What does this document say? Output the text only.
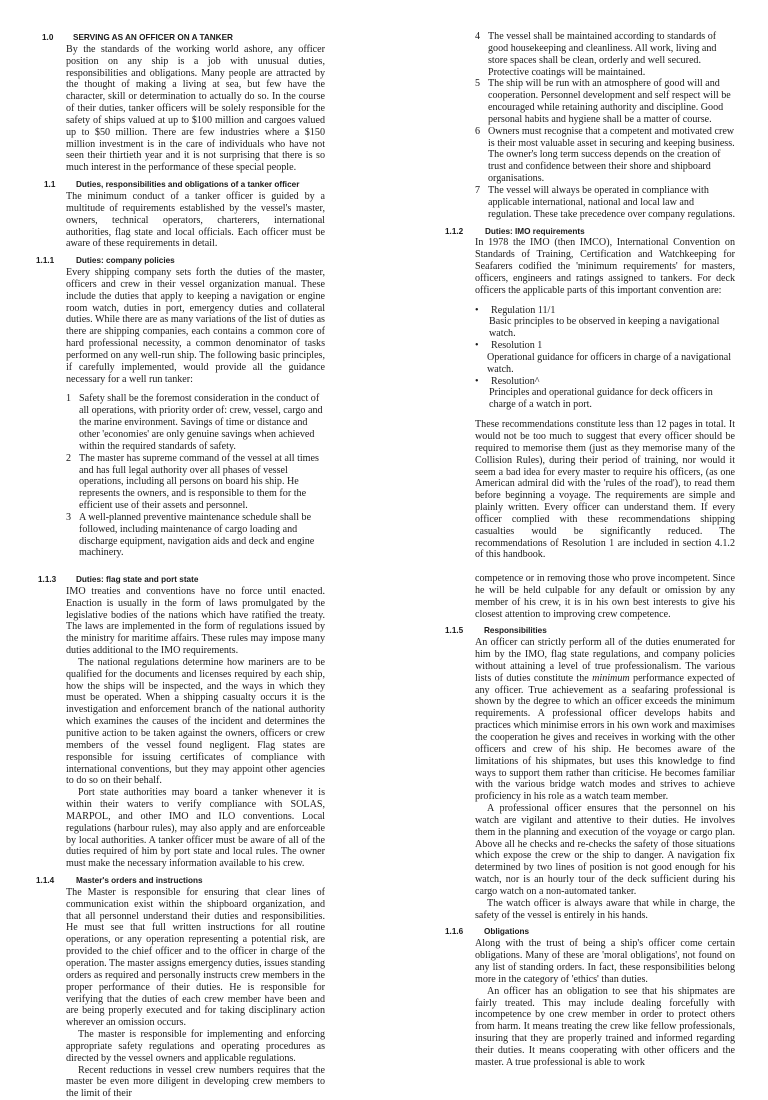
1.0	SERVING AS AN OFFICER ON A TANKER
By the standards of the working world ashore, any officer position on any ship is a job with unusual duties, responsibilities and obligations. Many people are attracted by the thought of making a living at sea, but few have the character, skill or determination to actually do so. In the course of their duties, tanker officers will be solely responsible for the safety of ships valued at up to $100 million and cargoes valued up to $50 million. There are few industries where a $150 million investment is in the care of individuals who have not seen their thirtieth year and it is not surprising that there is so much interest in the performance of these special people.
1.1	Duties, responsibilities and obligations of a tanker officer
The minimum conduct of a tanker officer is guided by a multitude of requirements established by the vessel's master, owners, technical operators, charterers, international authorities, flag state and local officials. Each officer must be aware of these requirements in detail.
1.1.1	Duties: company policies
Every shipping company sets forth the duties of the master, officers and crew in their vessel organization manual. These include the duties that apply to keeping a navigation or engine room watch, duties in port, emergency duties and collateral duties. While there are as many variations of the list of duties as there are shipping companies, each contains a common core of hard professional necessity, a common denominator of tasks performed on any well-run ship. The following basic principles, if carefully implemented, would provide all the guidance necessary for a well run tanker:
1 Safety shall be the foremost consideration in the conduct of all operations, with priority order of: crew, vessel, cargo and the marine environment. Savings of time or distance and other 'economies' are only genuine savings when achieved within the required standards of safety.
2 The master has supreme command of the vessel at all times and has full legal authority over all phases of vessel operations, including all persons on board his ship. He represents the owners, and is responsible to them for the efficient use of their assets and personnel.
3 A well-planned preventive maintenance schedule shall be followed, including maintenance of cargo loading and discharge equipment, navigation aids and deck and engine machinery.
4 The vessel shall be maintained according to standards of good housekeeping and cleanliness. All work, living and store spaces shall be clean, orderly and well secured. Protective coatings will be maintained.
5 The ship will be run with an atmosphere of good will and cooperation. Personnel development and self respect will be encouraged while retaining authority and discipline. Good personal habits and hygiene shall be a matter of course.
6 Owners must recognise that a competent and motivated crew is their most valuable asset in securing and keeping business. The owner's long term success depends on the creation of trust and confidence between their shore and shipboard organisations.
7 The vessel will always be operated in compliance with applicable international, national and local law and regulation. These take precedence over company regulations.
1.1.2	Duties: IMO requirements
In 1978 the IMO (then IMCO), International Convention on Standards of Training, Certification and Watchkeeping for Seafarers codified the 'minimum requirements' for masters, officers, engineers and ratings assigned to tankers. For deck officers the applicable parts of this important convention are:
•	Regulation 11/1
Basic principles to be observed in keeping a navigational watch.
•	Resolution 1
Operational guidance for officers in charge of a navigational watch.
•	Resolution^
Principles and operational guidance for deck officers in charge of a watch in port.
These recommendations constitute less than 12 pages in total. It would not be too much to suggest that every officer should be required to memorise them (just as they memorise many of the Collision Rules), during their period of training, nor would it seem a bad idea for every master to require his officers, (as one American admiral did with the 'rules of the road'), to read them before beginning a voyage. The requirements are simple and plainly written. Every officer can understand them. If every officer complied with these recommendations shipping casualties would be significantly reduced. The recommendations of Resolution 1 are included in section 4.1.2 of this handbook.
1.1.3	Duties: flag state and port state
IMO treaties and conventions have no force until enacted. Enaction is usually in the form of laws promulgated by the legislative bodies of the nations which have ratified the treaty. The laws are implemented in the form of regulations issued by the ministry for maritime affairs. These rules may impose many duties additional to the IMO requirements.
The national regulations determine how mariners are to be qualified for the documents and licenses required by each ship, how the ships will be inspected, and the ways in which they must be operated. When a shipping casualty occurs it is the investigation and enforcement branch of the national authority which examines the causes of the incident and determines the punitive action to be taken against the owners, officers or crew members of the vessel found negligent. Flag states are responsible for issuing certificates of compliance with international conventions, but they may appoint other agencies to do so on their behalf.
Port state authorities may board a tanker whenever it is within their waters to verify compliance with SOLAS, MARPOL, and other IMO and ILO conventions. Local regulations (harbour rules), may also apply and are enforceable by local authorities. A tanker officer must be aware of all of the duties required of him by port state and local rules. The owner must make the necessary information available to his crew.
1.1.4	Master's orders and instructions
The Master is responsible for ensuring that clear lines of communication exist within the shipboard organization, and that all personnel understand their duties and responsibilities. He must see that full written instructions for all routine operations, or any operation representing a potential risk, are provided to the chief officer and to the officer in charge of the operation. The master assigns emergency duties, issues standing orders as required and personally instructs crew members in the proper performance of their duties. He is responsible for verifying that the duties of each crew member have been and are being properly executed and for taking disciplinary action wherever an omission occurs.
The master is responsible for implementing and enforcing appropriate safety regulations and operating procedures as directed by the vessel owners and applicable regulations.
Recent reductions in vessel crew numbers requires that the master be even more diligent in developing crew members to the limit of their
competence or in removing those who prove incompetent. Since he will be held culpable for any default or omission by any member of his crew, it is in his own best interests to give his closest attention to improving crew competence.
1.1.5	Responsibilities
An officer can strictly perform all of the duties enumerated for him by the IMO, flag state regulations, and company policies without attaining a level of true professionalism. The various lists of duties constitute the minimum performance expected of any officer. True achievement as a seafaring professional is shown by the degree to which an officer exceeds the minimum requirements. A professional officer develops habits and practices which minimise errors in his own work and maximises the cooperation he gives and receives in working with the other officers and crew of his ship. He becomes aware of the limitations of his shipmates, but uses this knowledge to find ways to support them rather than criticise. He becomes familiar with the various bridge watch modes and strives to achieve proficiency in his role as a watch team member.
A professional officer ensures that the personnel on his watch are vigilant and attentive to their duties. He involves them in the planning and execution of the voyage or cargo plan. Above all he checks and re-checks the safety of those situations which expose the crew or the ship to danger. A navigation fix determined by two lines of position is not good enough for his watch, nor is an hourly tour of the deck sufficient during his cargo watch on a non-automated tanker.
The watch officer is always aware that while in charge, the safety of the vessel is entirely in his hands.
1.1.6	Obligations
Along with the trust of being a ship's officer come certain obligations. Many of these are 'moral obligations', not found on any list of standing orders. In fact, these responsibilities belong more in the category of 'ethics' than duties.
An officer has an obligation to see that his shipmates are fairly treated. This may include dealing forcefully with incompetence by one crew member in order to protect others from harm. It means treating the crew like fellow professionals, insuring that they are properly trained and informed regarding their duties. It means cooperating with other officers and the master. A true professional is able to work
